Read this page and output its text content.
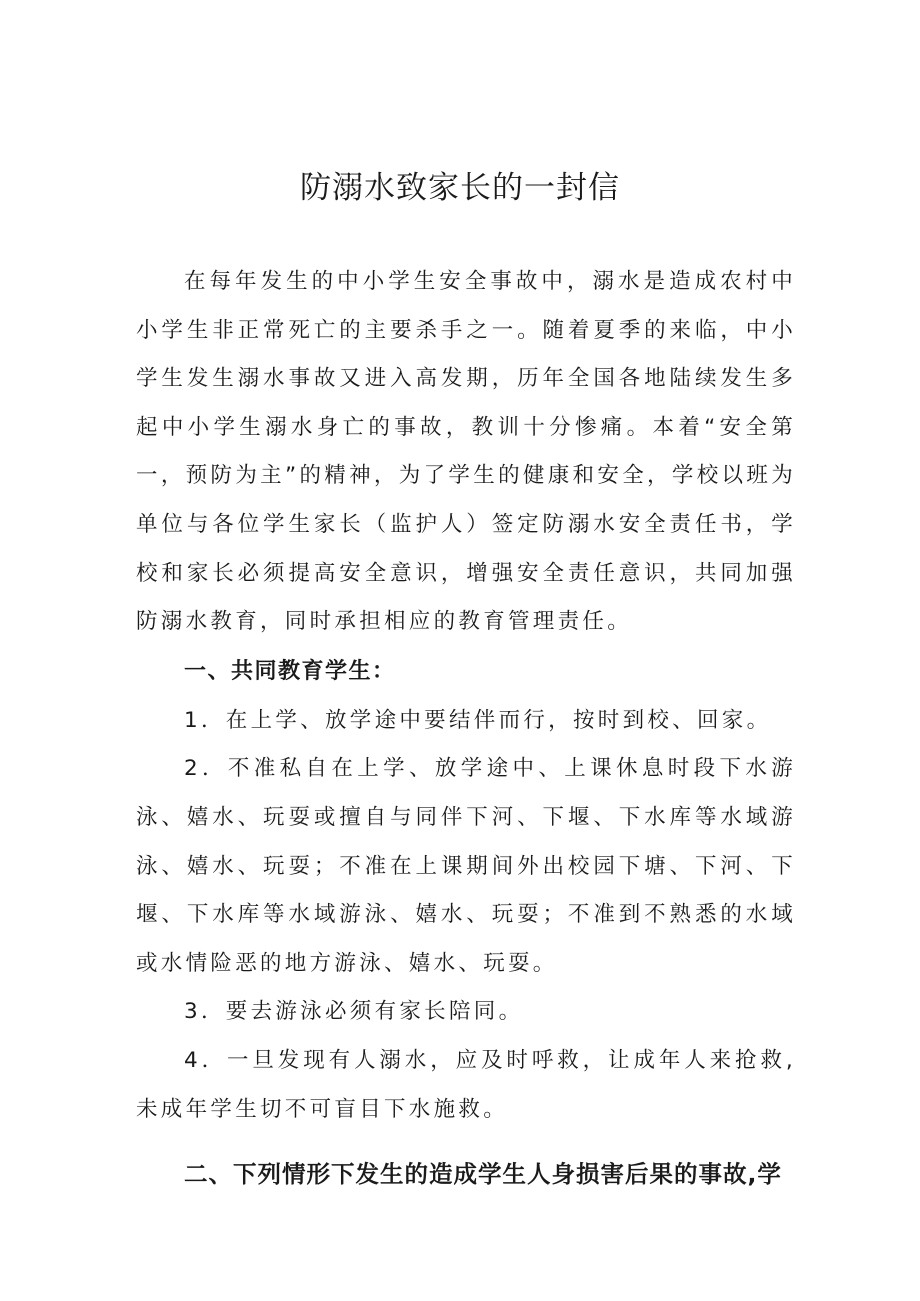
防溺水致家长的一封信

在每年发生的中小学生安全事故中，溺水是造成农村中小学生非正常死亡的主要杀手之一。随着夏季的来临，中小学生发生溺水事故又进入高发期，历年全国各地陆续发生多起中小学生溺水身亡的事故，教训十分惨痛。本着“安全第一，预防为主”的精神，为了学生的健康和安全，学校以班为单位与各位学生家长（监护人）签定防溺水安全责任书，学校和家长必须提高安全意识，增强安全责任意识，共同加强防溺水教育，同时承担相应的教育管理责任。

一、共同教育学生：

1．在上学、放学途中要结伴而行，按时到校、回家。

2．不准私自在上学、放学途中、上课休息时段下水游泳、嬉水、玩耍或擅自与同伴下河、下堰、下水库等水域游泳、嬉水、玩耍；不准在上课期间外出校园下塘、下河、下堰、下水库等水域游泳、嬉水、玩耍；不准到不熟悉的水域或水情险恶的地方游泳、嬉水、玩耍。

3．要去游泳必须有家长陪同。

4．一旦发现有人溺水，应及时呼救，让成年人来抢救,未成年学生切不可盲目下水施救。

二、下列情形下发生的造成学生人身损害后果的事故,学
